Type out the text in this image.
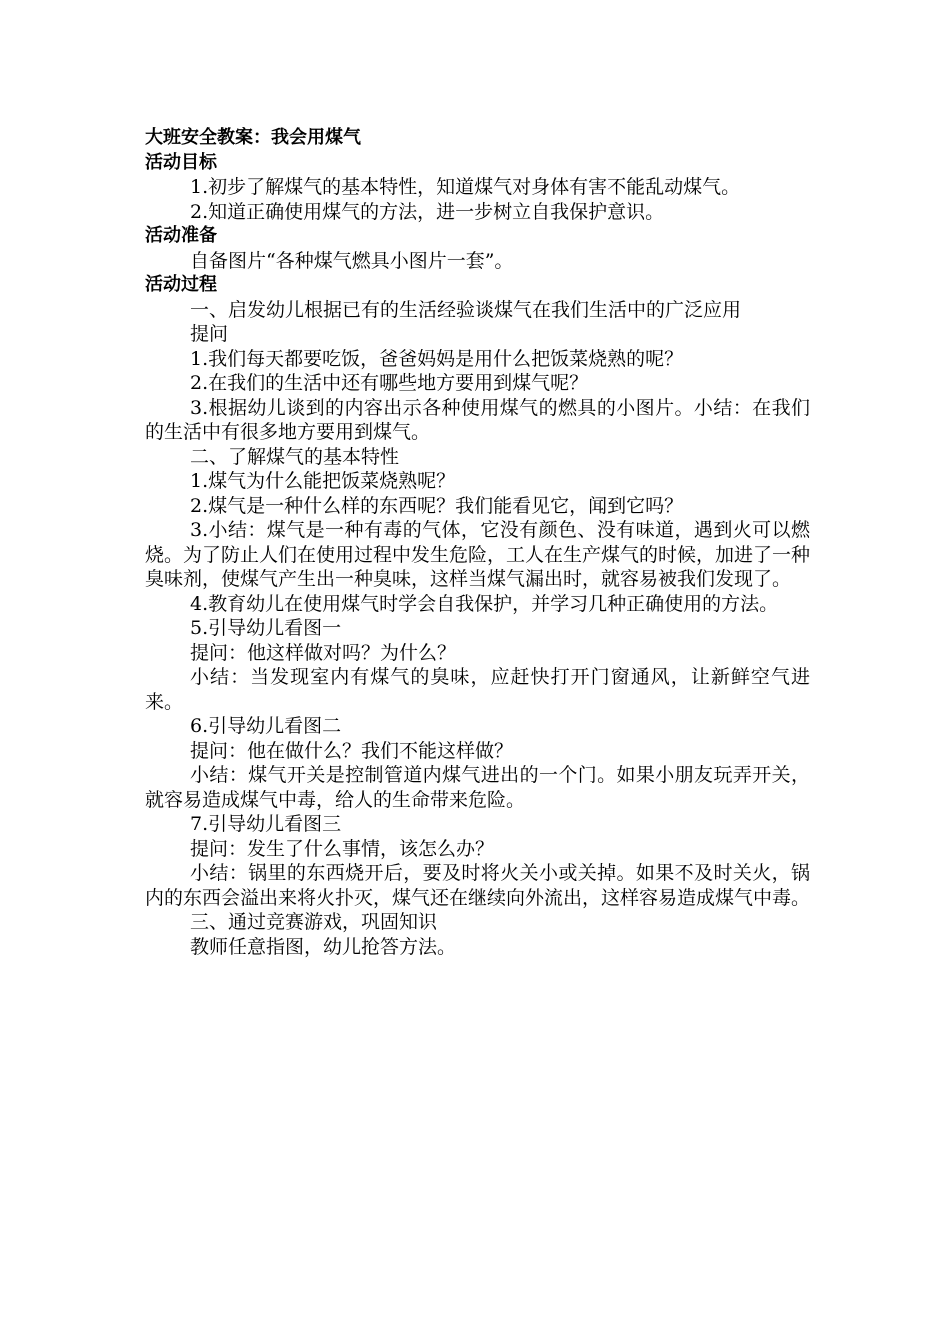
大班安全教案：我会用煤气
活动目标
1.初步了解煤气的基本特性，知道煤气对身体有害不能乱动煤气。
2.知道正确使用煤气的方法，进一步树立自我保护意识。
活动准备
自备图片“各种煤气燃具小图片一套”。
活动过程
一、启发幼儿根据已有的生活经验谈煤气在我们生活中的广泛应用
提问
1.我们每天都要吃饭，爸爸妈妈是用什么把饭菜烧熟的呢？
2.在我们的生活中还有哪些地方要用到煤气呢？
3.根据幼儿谈到的内容出示各种使用煤气的燃具的小图片。小结：在我们的生活中有很多地方要用到煤气。
二、了解煤气的基本特性
1.煤气为什么能把饭菜烧熟呢？
2.煤气是一种什么样的东西呢？我们能看见它，闻到它吗？
3.小结：煤气是一种有毒的气体，它没有颜色、没有味道，遇到火可以燃烧。为了防止人们在使用过程中发生危险，工人在生产煤气的时候，加进了一种臭味剂，使煤气产生出一种臭味，这样当煤气漏出时，就容易被我们发现了。
4.教育幼儿在使用煤气时学会自我保护，并学习几种正确使用的方法。
5.引导幼儿看图一
提问：他这样做对吗？为什么？
小结：当发现室内有煤气的臭味，应赶快打开门窗通风，让新鲜空气进来。
6.引导幼儿看图二
提问：他在做什么？我们不能这样做？
小结：煤气开关是控制管道内煤气进出的一个门。如果小朋友玩弄开关，就容易造成煤气中毒，给人的生命带来危险。
7.引导幼儿看图三
提问：发生了什么事情，该怎么办？
小结：锅里的东西烧开后，要及时将火关小或关掉。如果不及时关火，锅内的东西会溢出来将火扑灭，煤气还在继续向外流出，这样容易造成煤气中毒。
三、通过竞赛游戏，巩固知识
教师任意指图，幼儿抢答方法。
